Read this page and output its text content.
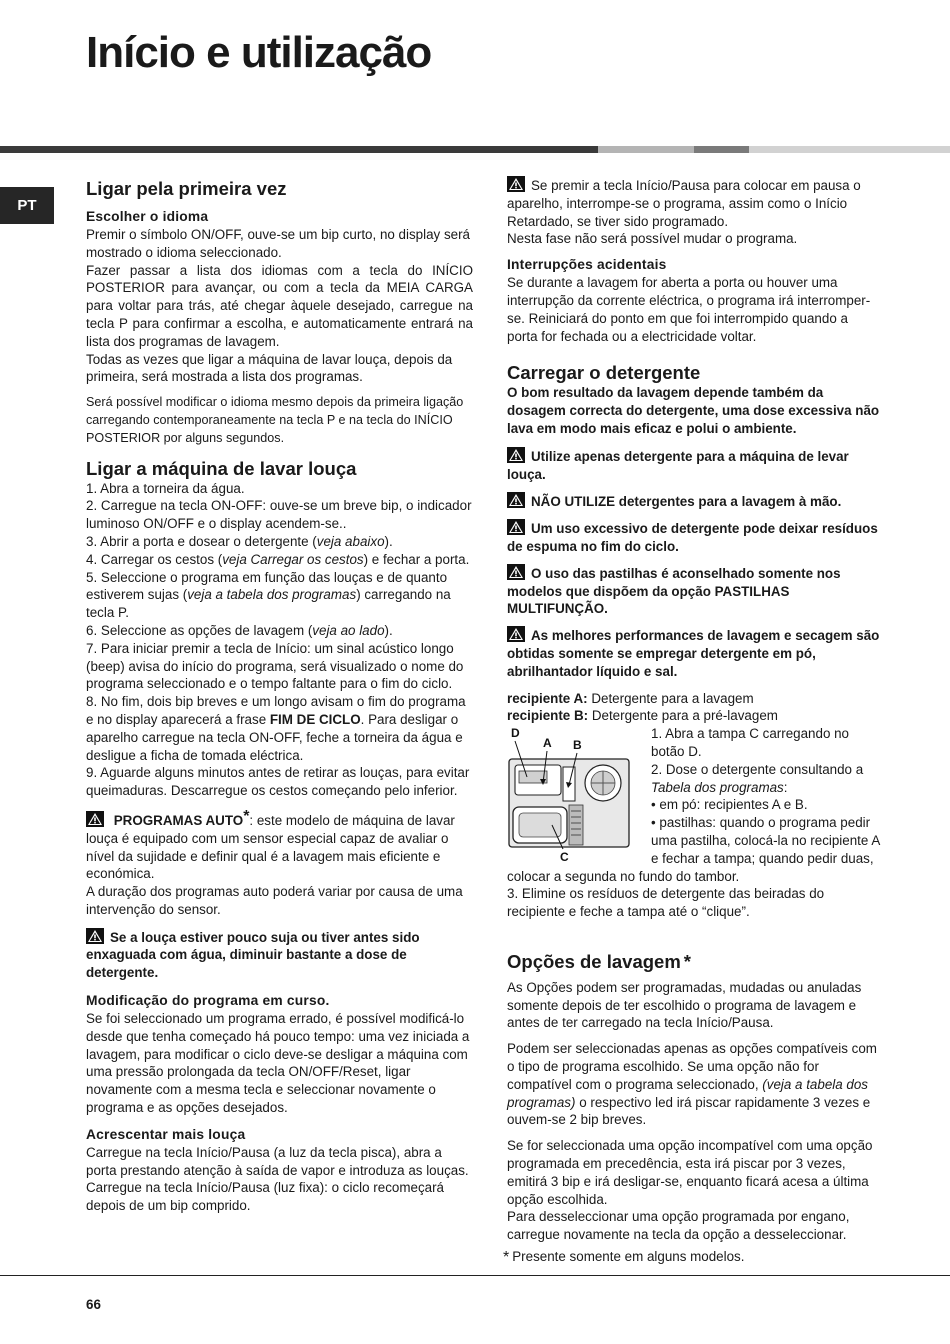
Início e utilização
PT
Ligar pela primeira vez
Escolher o idioma

Premir o símbolo ON/OFF, ouve-se um bip curto, no display será mostrado o idioma seleccionado.

Fazer passar a lista dos idiomas com a tecla do INÍCIO POSTERIOR para avançar, ou com a tecla da MEIA CARGA para voltar para trás, até chegar àquele desejado, carregue na tecla P para confirmar a escolha, e automaticamente entrará na lista dos programas de lavagem.

Todas as vezes que ligar a máquina de lavar louça, depois da primeira, será mostrada a lista dos programas.

Será possível modificar o idioma mesmo depois da primeira ligação carregando contemporaneamente na tecla P e na tecla do INÍCIO POSTERIOR por alguns segundos.

Ligar a máquina de lavar louça

1. Abra a torneira da água.

2. Carregue na tecla ON-OFF: ouve-se um breve bip, o indicador luminoso ON/OFF e o display acendem-se..

3. Abrir a porta e dosear o detergente (veja abaixo).

4. Carregar os cestos (veja Carregar os cestos) e fechar a porta.

5. Seleccione o programa em função das louças e de quanto estiverem sujas (veja a tabela dos programas) carregando na tecla P.

6. Seleccione as opções de lavagem (veja ao lado).

7. Para iniciar premir a tecla de Início: um sinal acústico longo (beep) avisa do início do programa, será visualizado o nome do programa seleccionado e o tempo faltante para o fim do ciclo.

8. No fim, dois bip breves e um longo avisam o fim do programa e no display aparecerá a frase FIM DE CICLO. Para desligar o aparelho carregue na tecla ON-OFF, feche a torneira da água e desligue a ficha de tomada eléctrica.

9. Aguarde alguns minutos antes de retirar as louças, para evitar queimaduras. Descarregue os cestos começando pelo inferior.

PROGRAMAS AUTO*: este modelo de máquina de lavar louça é equipado com um sensor especial capaz de avaliar o nível da sujidade e definir qual é a lavagem mais eficiente e económica.

A duração dos programas auto poderá variar por causa de uma intervenção do sensor.

Se a louça estiver pouco suja ou tiver antes sido enxaguada com água, diminuir bastante a dose de detergente.

Modificação do programa em curso.

Se foi seleccionado um programa errado, é possível modificá-lo desde que tenha começado há pouco tempo: uma vez iniciada a lavagem, para modificar o ciclo deve-se desligar a máquina com uma pressão prolongada da tecla ON/OFF/Reset, ligar novamente com a mesma tecla e seleccionar novamente o programa e as opções desejados.

Acrescentar mais louça

Carregue na tecla Início/Pausa (a luz da tecla pisca), abra a porta prestando atenção à saída de vapor e introduza as louças. Carregue na tecla Início/Pausa (luz fixa): o ciclo recomeçará depois de um bip comprido.

Se premir a tecla Início/Pausa para colocar em pausa o aparelho, interrompe-se o programa, assim como o Início Retardado, se tiver sido programado.

Nesta fase não será possível mudar o programa.

Interrupções acidentais

Se durante a lavagem for aberta a porta ou houver uma interrupção da corrente eléctrica, o programa irá interromper-se. Reiniciará do ponto em que foi interrompido quando a porta for fechada ou a electricidade voltar.

Carregar o detergente

O bom resultado da lavagem depende também da dosagem correcta do detergente, uma dose excessiva não lava em modo mais eficaz e polui o ambiente.

Utilize apenas detergente para a máquina de levar louça.

NÃO UTILIZE detergentes para a lavagem à mão.

Um uso excessivo de detergente pode deixar resíduos de espuma no fim do ciclo.

O uso das pastilhas é aconselhado somente nos modelos que dispõem da opção PASTILHAS MULTIFUNÇÃO.

As melhores performances de lavagem e secagem são obtidas somente se empregar detergente em pó, abrilhantador líquido e sal.

recipiente A: Detergente para a lavagem

recipiente B: Detergente para a pré-lavagem

D
A B
C

1. Abra a tampa C carregando no botão D.

2. Dose o detergente consultando a Tabela dos programas:

• em pó: recipientes A e B.

• pastilhas: quando o programa pedir uma pastilha, colocá-la no recipiente A e fechar a tampa; quando pedir duas, colocar a segunda no fundo do tambor.

3. Elimine os resíduos de detergente das beiradas do recipiente e feche a tampa até o “clique”.

Opções de lavagem *

As Opções podem ser programadas, mudadas ou anuladas somente depois de ter escolhido o programa de lavagem e antes de ter carregado na tecla Início/Pausa.

Podem ser seleccionadas apenas as opções compatíveis com o tipo de programa escolhido. Se uma opção não for compatível com o programa seleccionado, (veja a tabela dos programas) o respectivo led irá piscar rapidamente 3 vezes e ouvem-se 2 bip breves.

Se for seleccionada uma opção incompatível com uma opção programada em precedência, esta irá piscar por 3 vezes, emitirá 3 bip e irá desligar-se, enquanto ficará acesa a última opção escolhida.

Para desseleccionar uma opção programada por engano, carregue novamente na tecla da opção a desseleccionar.

* Presente somente em alguns modelos.
66
